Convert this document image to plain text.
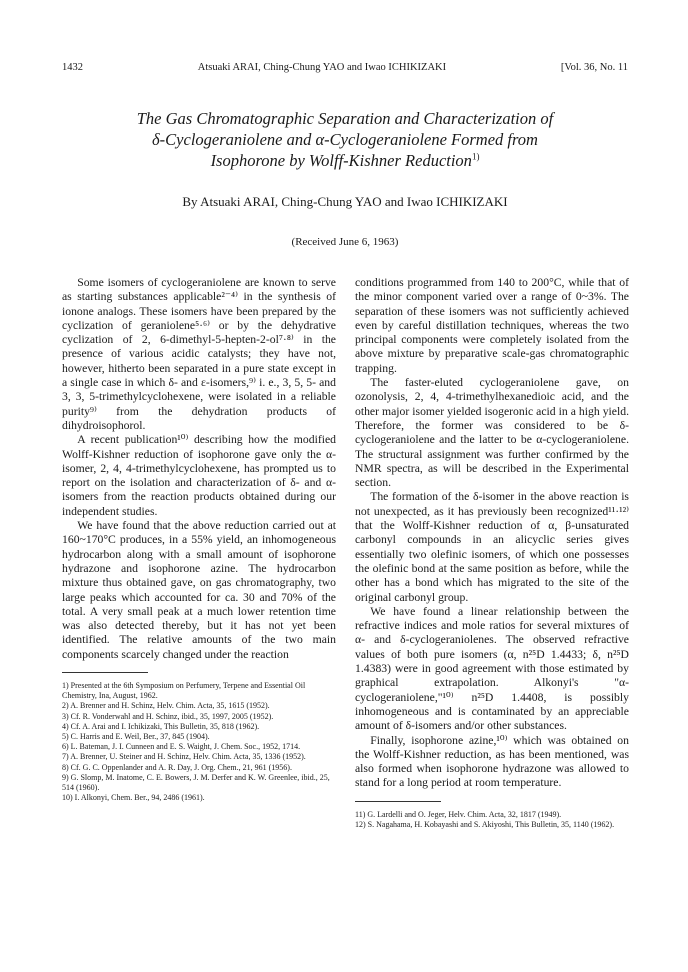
1432	Atsuaki ARAI, Ching-Chung YAO and Iwao ICHIKIZAKI	[Vol. 36, No. 11
The Gas Chromatographic Separation and Characterization of
δ-Cyclogeraniolene and α-Cyclogeraniolene Formed from
Isophorone by Wolff-Kishner Reduction$^{1)}$
By Atsuaki ARAI, Ching-Chung YAO and Iwao ICHIKIZAKI
(Received June 6, 1963)

Some isomers of cyclogeraniolene are known to serve as starting substances applicable²⁻⁴⁾ in the synthesis of ionone analogs. These isomers have been prepared by the cyclization of geraniolene⁵·⁶⁾ or by the dehydrative cyclization of 2, 6-dimethyl-5-hepten-2-ol⁷·⁸⁾ in the presence of various acidic catalysts; they have not, however, hitherto been separated in a pure state except in a single case in which δ- and ε-isomers,⁹⁾ i. e., 3, 5, 5- and 3, 3, 5-trimethylcyclohexene, were isolated in a reliable purity⁹⁾ from the dehydration products of dihydroisophorol.

A recent publication¹⁰⁾ describing how the modified Wolff-Kishner reduction of isophorone gave only the α-isomer, 2, 4, 4-trimethylcyclohexene, has prompted us to report on the isolation and characterization of δ- and α-isomers from the reaction products obtained during our independent studies.

We have found that the above reduction carried out at 160~170°C produces, in a 55% yield, an inhomogeneous hydrocarbon along with a small amount of isophorone hydrazone and isophorone azine. The hydrocarbon mixture thus obtained gave, on gas chromatography, two large peaks which accounted for ca. 30 and 70% of the total. A very small peak at a much lower retention time was also detected thereby, but it has not yet been identified. The relative amounts of the two main components scarcely changed under the reaction

1) Presented at the 6th Symposium on Perfumery, Terpene and Essential Oil Chemistry, Ina, August, 1962.

2) A. Brenner and H. Schinz, Helv. Chim. Acta, 35, 1615 (1952).

3) Cf. R. Vonderwahl and H. Schinz, ibid., 35, 1997, 2005 (1952).

4) Cf. A. Arai and I. Ichikizaki, This Bulletin, 35, 818 (1962).

5) C. Harris and E. Weil, Ber., 37, 845 (1904).

6) L. Bateman, J. I. Cunneen and E. S. Waight, J. Chem. Soc., 1952, 1714.

7) A. Brenner, U. Steiner and H. Schinz, Helv. Chim. Acta, 35, 1336 (1952).

8) Cf. G. C. Oppenlander and A. R. Day, J. Org. Chem., 21, 961 (1956).

9) G. Slomp, M. Inatome, C. E. Bowers, J. M. Derfer and K. W. Greenlee, ibid., 25, 514 (1960).

10) I. Alkonyi, Chem. Ber., 94, 2486 (1961).

conditions programmed from 140 to 200°C, while that of the minor component varied over a range of 0~3%. The separation of these isomers was not sufficiently achieved even by careful distillation techniques, whereas the two principal components were completely isolated from the above mixture by preparative scale-gas chromatographic trapping.

The faster-eluted cyclogeraniolene gave, on ozonolysis, 2, 4, 4-trimethylhexanedioic acid, and the other major isomer yielded isogeronic acid in a high yield. Therefore, the former was considered to be δ-cyclogeraniolene and the latter to be α-cyclogeraniolene. The structural assignment was further confirmed by the NMR spectra, as will be described in the Experimental section.

The formation of the δ-isomer in the above reaction is not unexpected, as it has previously been recognized¹¹·¹²⁾ that the Wolff-Kishner reduction of α, β-unsaturated carbonyl compounds in an alicyclic series gives essentially two olefinic isomers, of which one possesses the olefinic bond at the same position as before, while the other has a bond which has migrated to the site of the original carbonyl group.

We have found a linear relationship between the refractive indices and mole ratios for several mixtures of α- and δ-cyclogeraniolenes. The observed refractive values of both pure isomers (α, n²⁵D 1.4433; δ, n²⁵D 1.4383) were in good agreement with those estimated by graphical extrapolation. Alkonyi's "α-cyclogeraniolene,"¹⁰⁾ n²⁵D 1.4408, is possibly inhomogeneous and is contaminated by an appreciable amount of δ-isomers and/or other substances.

Finally, isophorone azine,¹⁰⁾ which was obtained on the Wolff-Kishner reduction, as has been mentioned, was also formed when isophorone hydrazone was allowed to stand for a long period at room temperature.

11) G. Lardelli and O. Jeger, Helv. Chim. Acta, 32, 1817 (1949).

12) S. Nagahama, H. Kobayashi and S. Akiyoshi, This Bulletin, 35, 1140 (1962).
